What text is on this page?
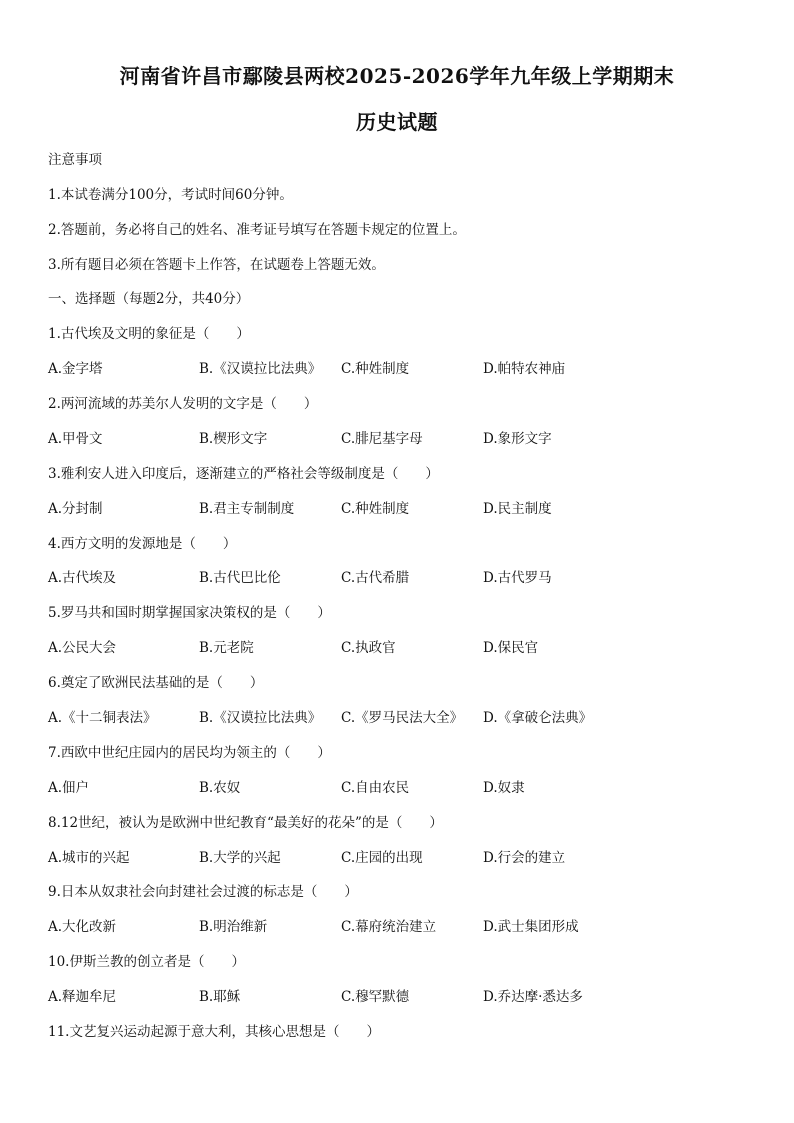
河南省许昌市鄢陵县两校2025-2026学年九年级上学期期末
历史试题
注意事项
1.本试卷满分100分，考试时间60分钟。
2.答题前，务必将自己的姓名、准考证号填写在答题卡规定的位置上。
3.所有题目必须在答题卡上作答，在试题卷上答题无效。
一、选择题（每题2分，共40分）
1.古代埃及文明的象征是（　　）
A.金字塔	B.《汉谟拉比法典》 C.种姓制度	D.帕特农神庙
2.两河流域的苏美尔人发明的文字是（　　）
A.甲骨文	B.楔形文字	C.腓尼基字母	D.象形文字
3.雅利安人进入印度后，逐渐建立的严格社会等级制度是（　　）
A.分封制	B.君主专制制度	C.种姓制度	D.民主制度
4.西方文明的发源地是（　　）
A.古代埃及	B.古代巴比伦	C.古代希腊	D.古代罗马
5.罗马共和国时期掌握国家决策权的是（　　）
A.公民大会	B.元老院	C.执政官	D.保民官
6.奠定了欧洲民法基础的是（　　）
A.《十二铜表法》	B.《汉谟拉比法典》 C.《罗马民法大全》 D.《拿破仑法典》
7.西欧中世纪庄园内的居民均为领主的（　　）
A.佃户	B.农奴	C.自由农民	D.奴隶
8.12世纪，被认为是欧洲中世纪教育“最美好的花朵”的是（　　）
A.城市的兴起	B.大学的兴起	C.庄园的出现	D.行会的建立
9.日本从奴隶社会向封建社会过渡的标志是（　　）
A.大化改新	B.明治维新	C.幕府统治建立	D.武士集团形成
10.伊斯兰教的创立者是（　　）
A.释迦牟尼	B.耶稣	C.穆罕默德	D.乔达摩·悉达多
11.文艺复兴运动起源于意大利，其核心思想是（　　）
